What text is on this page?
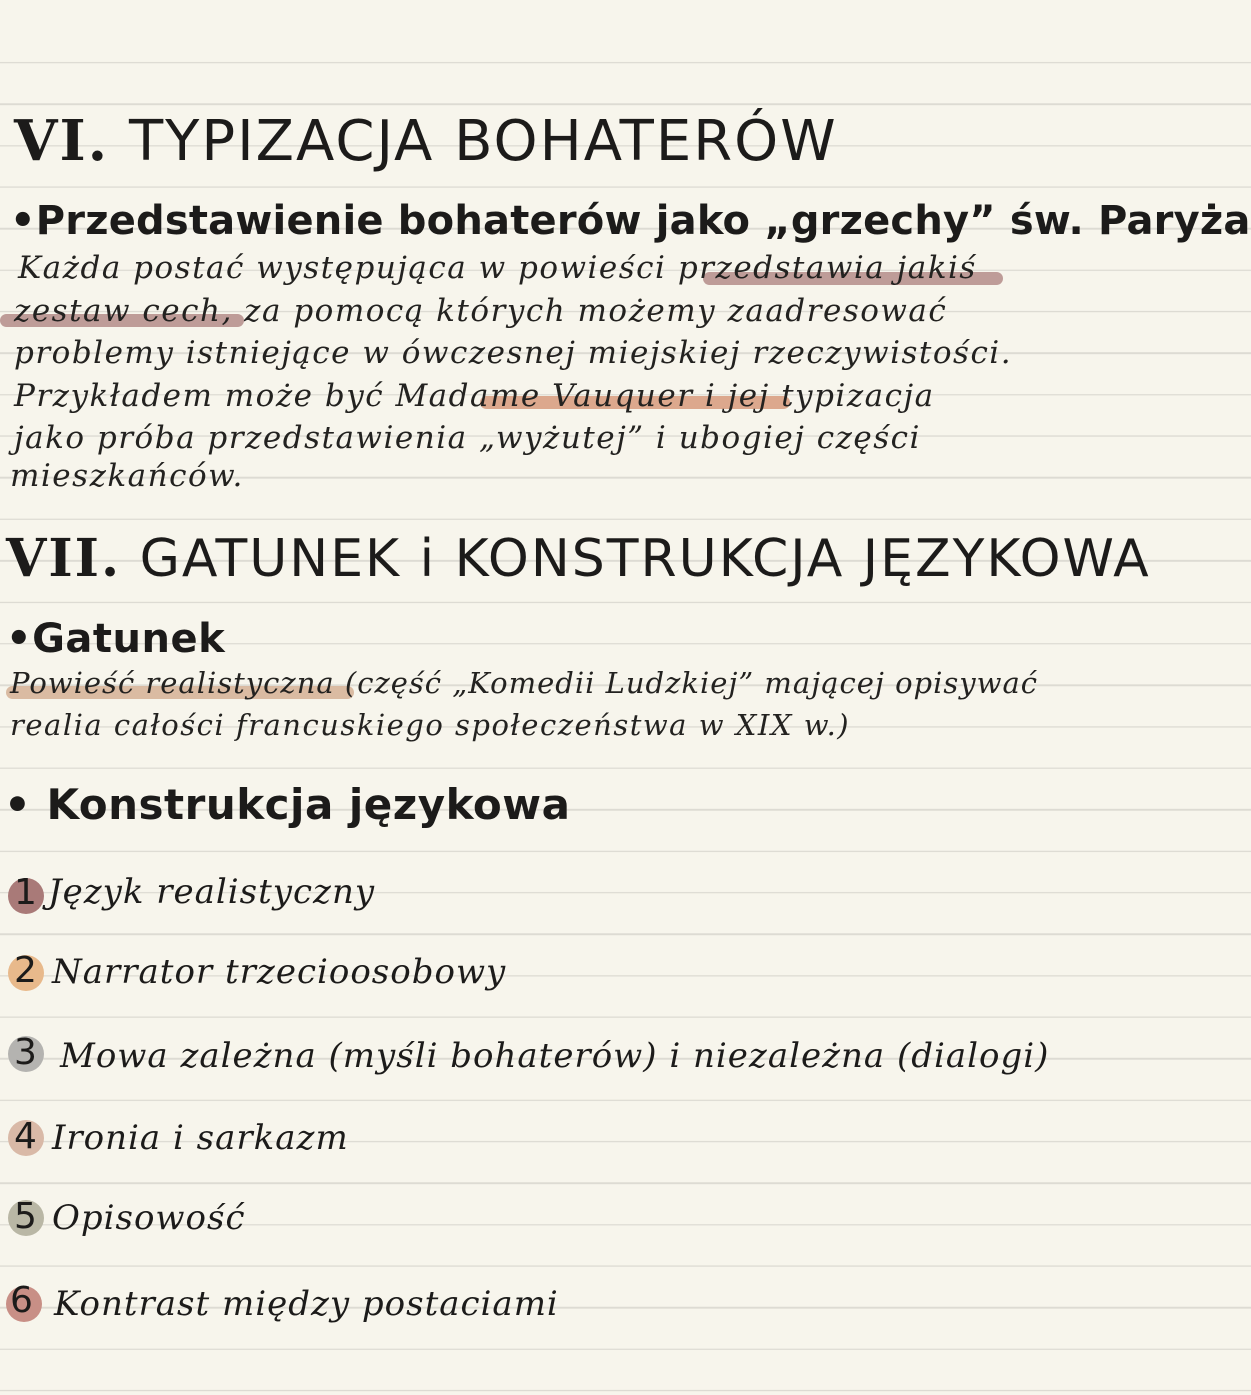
VI. TYPIZACJA BOHATERÓW
•Przedstawienie bohaterów jako „grzechy” św. Paryża
Każda postać występująca w powieści przedstawia jakiś
zestaw cech, za pomocą których możemy zaadresować
problemy istniejące w ówczesnej miejskiej rzeczywistości.
Przykładem może być Madame Vauquer i jej typizacja
jako próba przedstawienia „wyżutej” i ubogiej części
mieszkańców.
VII. GATUNEK i KONSTRUKCJA JĘZYKOWA
•Gatunek
Powieść realistyczna (część „Komedii Ludzkiej” mającej opisywać
realia całości francuskiego społeczeństwa w XIX w.)
• Konstrukcja językowa
1 Język realistyczny
2 Narrator trzecioosobowy
3 Mowa zależna (myśli bohaterów) i niezależna (dialogi)
4 Ironia i sarkazm
5 Opisowość
6 Kontrast między postaciami
